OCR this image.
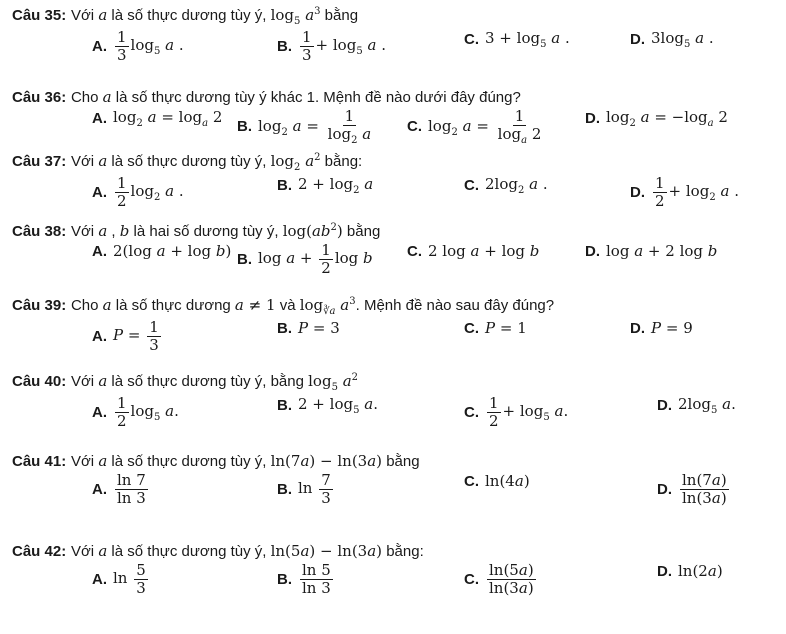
Câu 35: Với a là số thực dương tùy ý, $\log_5 a^3$ bằng
A. $\frac{1}{3} \log_5 a$ .	B. $\frac{1}{3} + \log_5 a$ .	C. $3 + \log_5 a$ .	D. $3\log_5$ a .
Câu 36: Cho a là số thực dương tùy ý khác 1. Mệnh đề nào dưới đây đúng?
A. $\log_2 a = \log_a 2$
B. $\log_2 a = \frac{1}{\log_2 a} C$. $\log_2 a = \frac{1}{\log_a 2}$	D. $\log_2 a = -\log_a$ 2
Câu 37: Với a là số thực dương tùy ý, $\log_2 a^2$ bằng:
A. $\frac{1}{2} \log_2 a$ .	B. $2 + \log_2 a$	C. $2\log_2$ a .	D. $\frac{1}{2} + \log_2 a$ .
Câu 38: Với a , b là hai số dương tùy ý, $\log(ab^2)$ bằng
A. 2(log a + log b) B. $\log a + \frac{1}{2}$ log b C. 2 log a + log b	D. log a + 2 log b
Câu 39: Cho a là số thực dương a ≠ 1 và $\log_{∛a} a^3$. Mệnh đề nào sau đây đúng?
A. $P = \frac{1}{3}$	B. P = 3	C. P = 1	D. P = 9
Câu 40: Với a là số thực dương tùy ý, bằng $\log_5 a^2$
A. $\frac{1}{2} \log_5 a$.	B. $2 + \log_5 a$.	C. $\frac{1}{2} + \log_5 a$.	D. $2\log_5$ a.
Câu 41: Với a là số thực dương tùy ý, ln(7a) − ln(3a) bằng
A. $\frac{\ln 7}{\ln 3}$	B. $\ln \frac{7}{3}$	C. ln(4a)	D. $\frac{\ln(7a)}{\ln(3a)}$
Câu 42: Với a là số thực dương tùy ý, ln(5a) − ln(3a) bằng:
A. $\ln \frac{5}{3}$	B. $\frac{\ln 5}{\ln 3}$	C. $\frac{\ln(5a)}{\ln(3a)}$	D. ln(2a)
